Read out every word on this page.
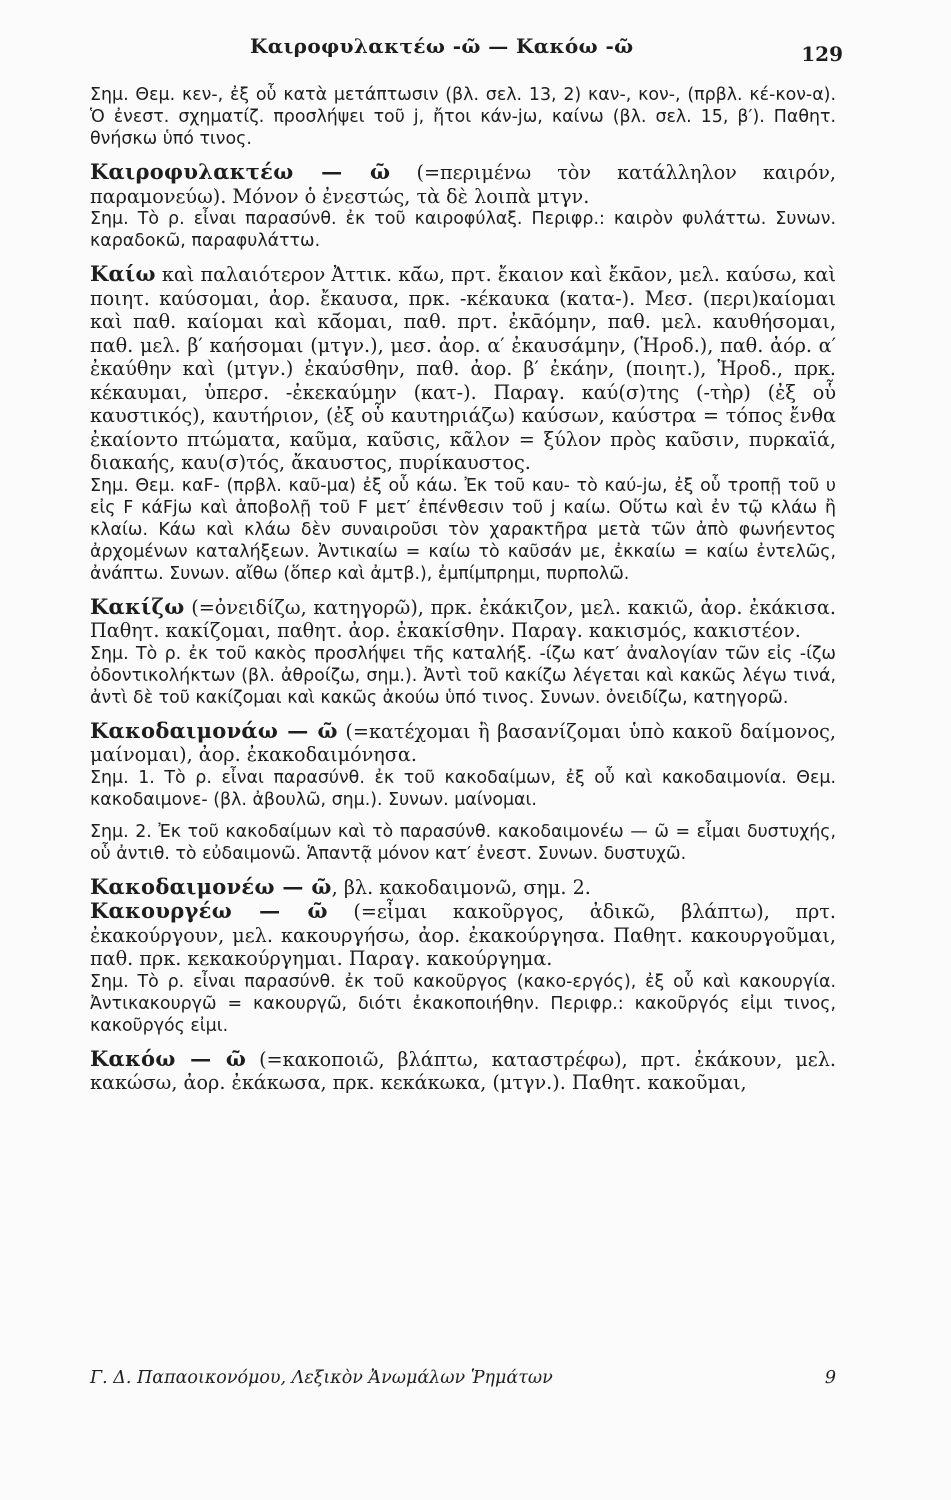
Καιροφυλακτέω -ῶ — Κακόω -ῶ	129

Σημ. Θεμ. κεν-, ἐξ οὗ κατὰ μετάπτωσιν (βλ. σελ. 13, 2) καν-, κον-, (πρβλ. κέ-κον-α). Ὁ ἐνεστ. σχηματίζ. προσλήψει τοῦ j, ἤτοι κάν-jω, καίνω (βλ. σελ. 15, β′). Παθητ. θνήσκω ὑπό τινος.

Καιροφυλακτέω — ῶ (=περιμένω τὸν κατάλληλον καιρόν, παραμονεύω). Μόνον ὁ ἐνεστώς, τὰ δὲ λοιπὰ μτγν.

Σημ. Τὸ ρ. εἶναι παρασύνθ. ἐκ τοῦ καιροφύλαξ. Περιφρ.: καιρὸν φυλάττω. Συνων. καραδοκῶ, παραφυλάττω.

Καίω καὶ παλαιότερον Ἀττικ. κᾱ́ω, πρτ. ἔκαιον καὶ ἔκᾱον, μελ. καύσω, καὶ ποιητ. καύσομαι, ἀορ. ἔκαυσα, πρκ. -κέκαυκα (κατα-). Μεσ. (περι)καίομαι καὶ παθ. καίομαι καὶ κᾱ́ομαι, παθ. πρτ. ἐκᾱόμην, παθ. μελ. καυθήσομαι, παθ. μελ. β′ καήσομαι (μτγν.), μεσ. ἀορ. α′ ἐκαυσάμην, (Ἡροδ.), παθ. ἀόρ. α′ ἐκαύθην καὶ (μτγν.) ἐκαύσθην, παθ. ἀορ. β′ ἐκάην, (ποιητ.), Ἡροδ., πρκ. κέκαυμαι, ὑπερσ. -ἐκεκαύμην (κατ-). Παραγ. καύ(σ)της (-τὴρ) (ἐξ οὗ καυστικός), καυτήριον, (ἐξ οὗ καυτηριάζω) καύσων, καύστρα = τόπος ἔνθα ἐκαίοντο πτώματα, καῦμα, καῦσις, κᾶλον = ξύλον πρὸς καῦσιν, πυρκαϊά, διακαής, καυ(σ)τός, ἄκαυστος, πυρίκαυστος.

Σημ. Θεμ. καF- (πρβλ. καῦ-μα) ἐξ οὗ κάω. Ἐκ τοῦ καυ- τὸ καύ-jω, ἐξ οὗ τροπῇ τοῦ υ εἰς F κάFjω καὶ ἀποβολῇ τοῦ F μετ′ ἐπένθεσιν τοῦ j καίω. Οὕτω καὶ ἐν τῷ κλάω ἢ κλαίω. Κάω καὶ κλάω δὲν συναιροῦσι τὸν χαρακτῆρα μετὰ τῶν ἀπὸ φωνήεντος ἀρχομένων καταλήξεων. Ἀντικαίω = καίω τὸ καῦσάν με, ἐκκαίω = καίω ἐντελῶς, ἀνάπτω. Συνων. αἴθω (ὅπερ καὶ ἀμτβ.), ἐμπίμπρημι, πυρπολῶ.

Κακίζω (=ὀνειδίζω, κατηγορῶ), πρκ. ἐκάκιζον, μελ. κακιῶ, ἀορ. ἐκάκισα. Παθητ. κακίζομαι, παθητ. ἀορ. ἐκακίσθην. Παραγ. κακισμός, κακιστέον.

Σημ. Τὸ ρ. ἐκ τοῦ κακὸς προσλήψει τῆς καταλήξ. -ίζω κατ′ ἀναλογίαν τῶν εἰς -ίζω ὀδοντικολήκτων (βλ. ἀθροίζω, σημ.). Ἀντὶ τοῦ κακίζω λέγεται καὶ κακῶς λέγω τινά, ἀντὶ δὲ τοῦ κακίζομαι καὶ κακῶς ἀκούω ὑπό τινος. Συνων. ὀνειδίζω, κατηγορῶ.

Κακοδαιμονάω — ῶ (=κατέχομαι ἢ βασανίζομαι ὑπὸ κακοῦ δαίμονος, μαίνομαι), ἀορ. ἐκακοδαιμόνησα.

Σημ. 1. Τὸ ρ. εἶναι παρασύνθ. ἐκ τοῦ κακοδαίμων, ἐξ οὗ καὶ κακοδαιμονία. Θεμ. κακοδαιμονε- (βλ. ἀβουλῶ, σημ.). Συνων. μαίνομαι.

Σημ. 2. Ἐκ τοῦ κακοδαίμων καὶ τὸ παρασύνθ. κακοδαιμονέω — ῶ = εἶμαι δυστυχής, οὗ ἀντιθ. τὸ εὐδαιμονῶ. Ἁπαντᾷ μόνον κατ′ ἐνεστ. Συνων. δυστυχῶ.

Κακοδαιμονέω — ῶ, βλ. κακοδαιμονῶ, σημ. 2.

Κακουργέω — ῶ (=εἶμαι κακοῦργος, ἀδικῶ, βλάπτω), πρτ. ἐκακούργουν, μελ. κακουργήσω, ἀορ. ἐκακούργησα. Παθητ. κακουργοῦμαι, παθ. πρκ. κεκακούργημαι. Παραγ. κακούργημα.

Σημ. Τὸ ρ. εἶναι παρασύνθ. ἐκ τοῦ κακοῦργος (κακο-εργός), ἐξ οὗ καὶ κακουργία. Ἀντικακουργῶ = κακουργῶ, διότι ἐκακοποιήθην. Περιφρ.: κακοῦργός εἰμι τινος, κακοῦργός εἰμι.

Κακόω — ῶ (=κακοποιῶ, βλάπτω, καταστρέφω), πρτ. ἐκάκουν, μελ. κακώσω, ἀορ. ἐκάκωσα, πρκ. κεκάκωκα, (μτγν.). Παθητ. κακοῦμαι,

Γ. Δ. Παπαοικονόμου, Λεξικὸν Ἀνωμάλων Ῥημάτων	9
